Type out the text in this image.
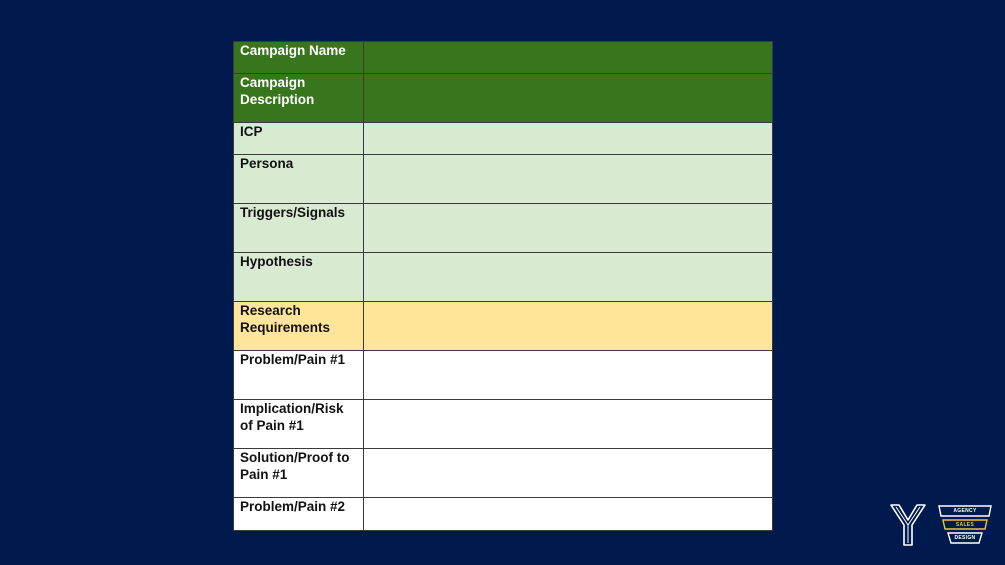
Campaign Name	
Campaign Description	
ICP	
Persona	
Triggers/Signals	
Hypothesis	
Research Requirements	
Problem/Pain #1	
Implication/Risk of Pain #1	
Solution/Proof to Pain #1	
Problem/Pain #2		AGENCY
SALES
DESIGN
